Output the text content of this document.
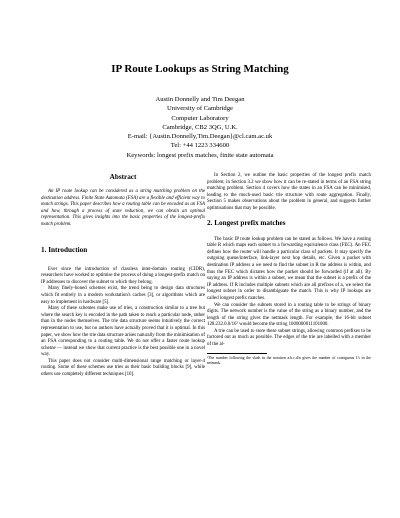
IP Route Lookups as String Matching
Austin Donnelly and Tim Deegan
University of Cambridge
Computer Laboratory
Cambridge, CB2 3QG, U.K.
E-mail: {Austin.Donnelly,Tim.Deegan}@cl.cam.ac.uk
Tel: +44 1223 334600
Keywords: longest prefix matches, finite state automata
Abstract

An IP route lookup can be considered as a string matching problem on the destination address. Finite State Automata (FSA) are a flexible and efficient way to match strings. This paper describes how a routing table can be encoded as an FSA and how, through a process of state reduction, we can obtain an optimal representation. This gives insights into the basic properties of the longest-prefix match problem.

1. Introduction

Ever since the introduction of classless inter-domain routing (CIDR), researchers have worked to optimise the process of doing a longest-prefix match on IP addresses to discover the subnet to which they belong.

Many finely-honed schemes exist, the trend being to design data structures which fit entirely in a modern workstation's caches [3], or algorithms which are easy to implement in hardware [5].

Many of these schemes make use of tries, a construction similar to a tree but where the search key is encoded in the path taken to reach a particular node, rather than in the nodes themselves. The trie data structure seems intuitively the correct representation to use, but no authors have actually proved that it is optimal. In this paper, we show how the trie data structure arises naturally from the minimisation of an FSA corresponding to a routing table. We do not offer a faster route lookup scheme — instead we show that current practice is the best possible one in a novel way.

This paper does not consider multi-dimensional range matching or layer-4 routing. Some of these schemes use tries as their basic building blocks [9], while others use completely different techniques [10].

In Section 2, we outline the basic properties of the longest prefix match problem; in Section 3.2 we show how it can be re-stated in terms of an FSA string matching problem. Section 4 covers how the states in an FSA can be minimised, leading to the much-used basic trie structure with route aggregation. Finally, Section 5 makes observations about the problem in general, and suggests further optimisations that may be possible.

2. Longest prefix matches

The basic IP route lookup problem can be stated as follows. We have a routing table R which maps each subnet to a forwarding equivalence class (FEC). An FEC defines how the router will handle a particular class of packets. It may specify the outgoing queue/interface, link-layer next hop details, etc. Given a packet with destination IP address a we need to find the subnet in R the address is within, and thus the FEC which dictates how the packet should be forwarded (if at all). By saying an IP address is within a subnet, we mean that the subnet is a prefix of the IP address. If R includes multiple subnets which are all prefixes of a, we select the longest subnet in order to disambiguate the match. This is why IP lookups are called longest prefix matches.

We can consider the subnets stored in a routing table to be strings of binary digits. The network number is the value of the string as a binary number, and the length of the string gives the netmask length. For example, the 16-bit subnet 128.232.0.0/16¹ would become the string 1000000011101000.

A trie can be used to store these subnet strings, allowing common prefixes to be factored out as much as possible. The edges of the trie are labelled with a member of the al-

¹The number following the slash in the notation a.b.c.d/n gives the number of contiguous 1's in the netmask.
